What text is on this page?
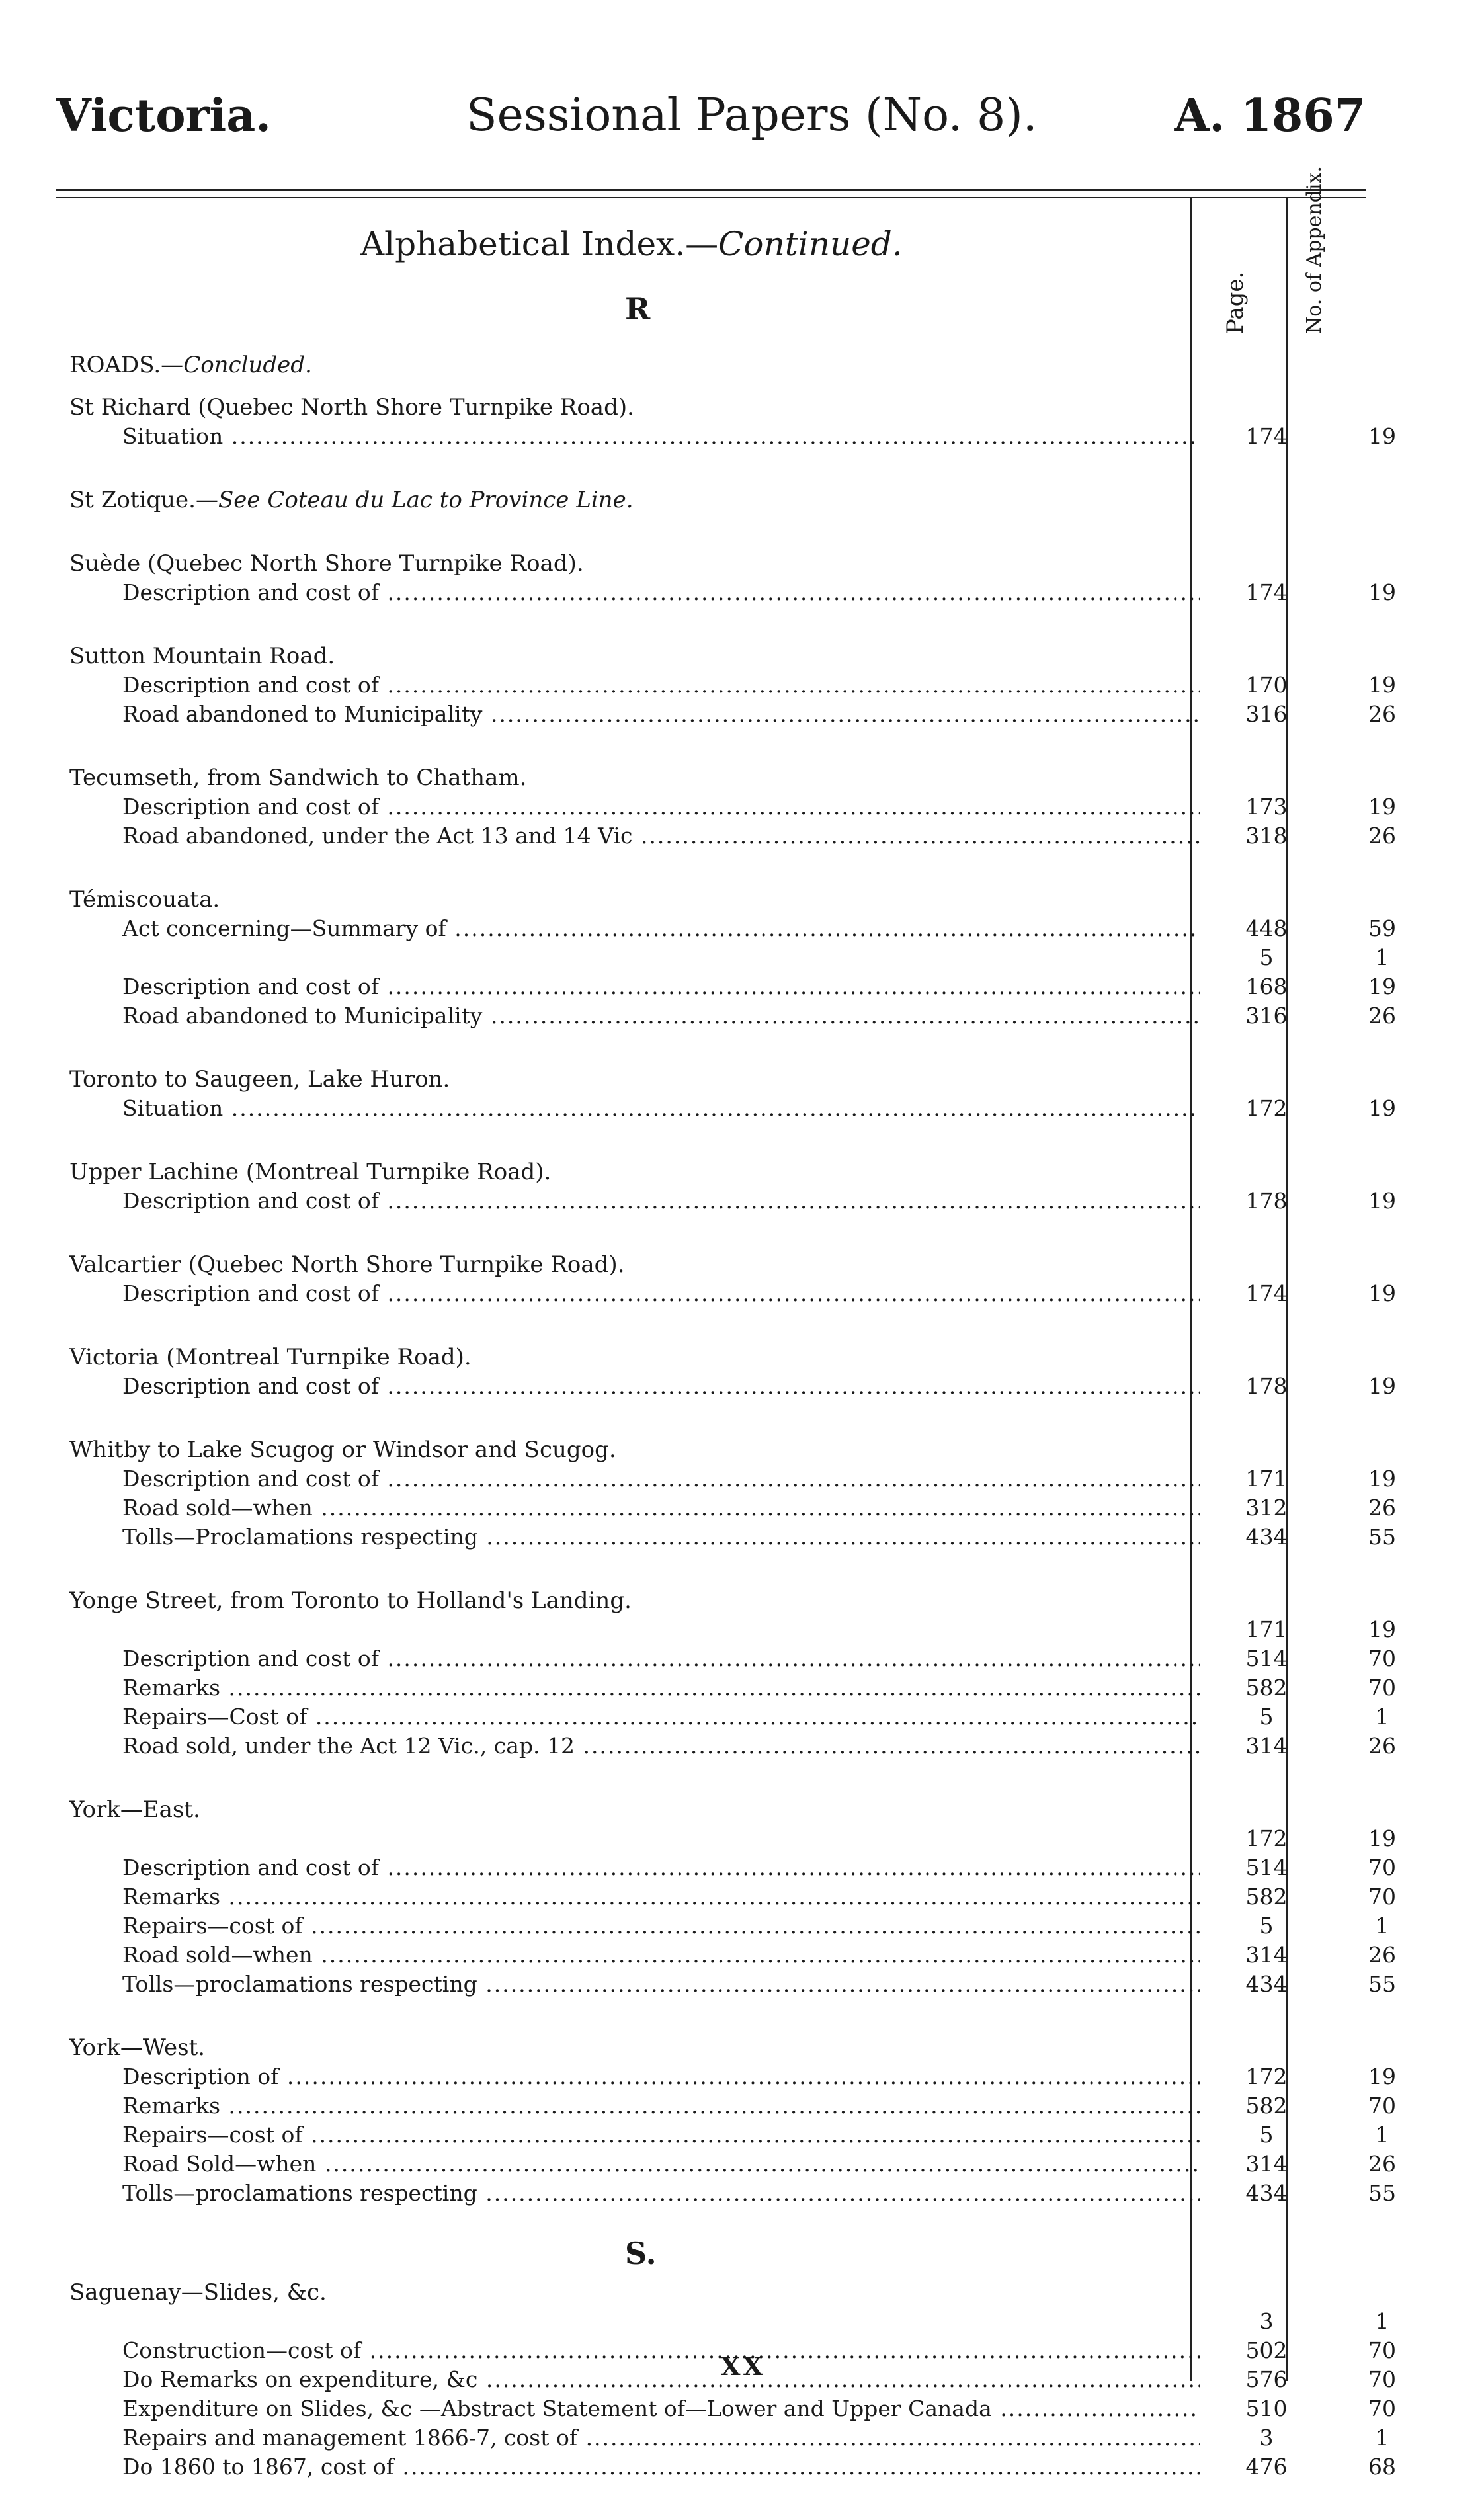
Victoria.	Sessional Papers (No. 8).	A. 1867
Page.	No. of Appendix.
Alphabetical Index.—Continued.
R
ROADS.—Concluded.
St Richard (Quebec North Shore Turnpike Road).
Situation .....	174	19
St Zotique.—See Coteau du Lac to Province Line.
Suède (Quebec North Shore Turnpike Road).
Description and cost of .....	174	19
Sutton Mountain Road.
Description and cost of .....	170	19
Road abandoned to Municipality .....	316	26
Tecumseth, from Sandwich to Chatham.
Description and cost of .....	173	19
Road abandoned, under the Act 13 and 14 Vic .....	318	26
Témiscouata.
Act concerning—Summary of .....	448	59
5	1
Description and cost of .....	168	19
Road abandoned to Municipality .....	316	26
Toronto to Saugeen, Lake Huron.
Situation .....	172	19
Upper Lachine (Montreal Turnpike Road).
Description and cost of .....	178	19
Valcartier (Quebec North Shore Turnpike Road).
Description and cost of .....	174	19
Victoria (Montreal Turnpike Road).
Description and cost of .....	178	19
Whitby to Lake Scugog or Windsor and Scugog.
Description and cost of .....	171	19
Road sold—when .....	312	26
Tolls—Proclamations respecting .....	434	55
Yonge Street, from Toronto to Holland's Landing.
171	19
Description and cost of .....	514	70
Remarks .....	582	70
Repairs—Cost of .....	5	1
Road sold, under the Act 12 Vic., cap. 12 .....	314	26
York—East.
172	19
Description and cost of .....	514	70
Remarks .....	582	70
Repairs—cost of .....	5	1
Road sold—when .....	314	26
Tolls—proclamations respecting .....	434	55
York—West.
Description of .....	172	19
Remarks .....	582	70
Repairs—cost of .....	5	1
Road Sold—when .....	314	26
Tolls—proclamations respecting .....	434	55
S.
Saguenay—Slides, &c.
3	1
Construction—cost of .....	502	70
Do Remarks on expenditure, &c .....	576	70
Expenditure on Slides, &c —Abstract Statement of—Lower and Upper Canada .....	510	70
Repairs and management 1866-7, cost of .....	3	1
Do 1860 to 1867, cost of .....	476	68
XX
